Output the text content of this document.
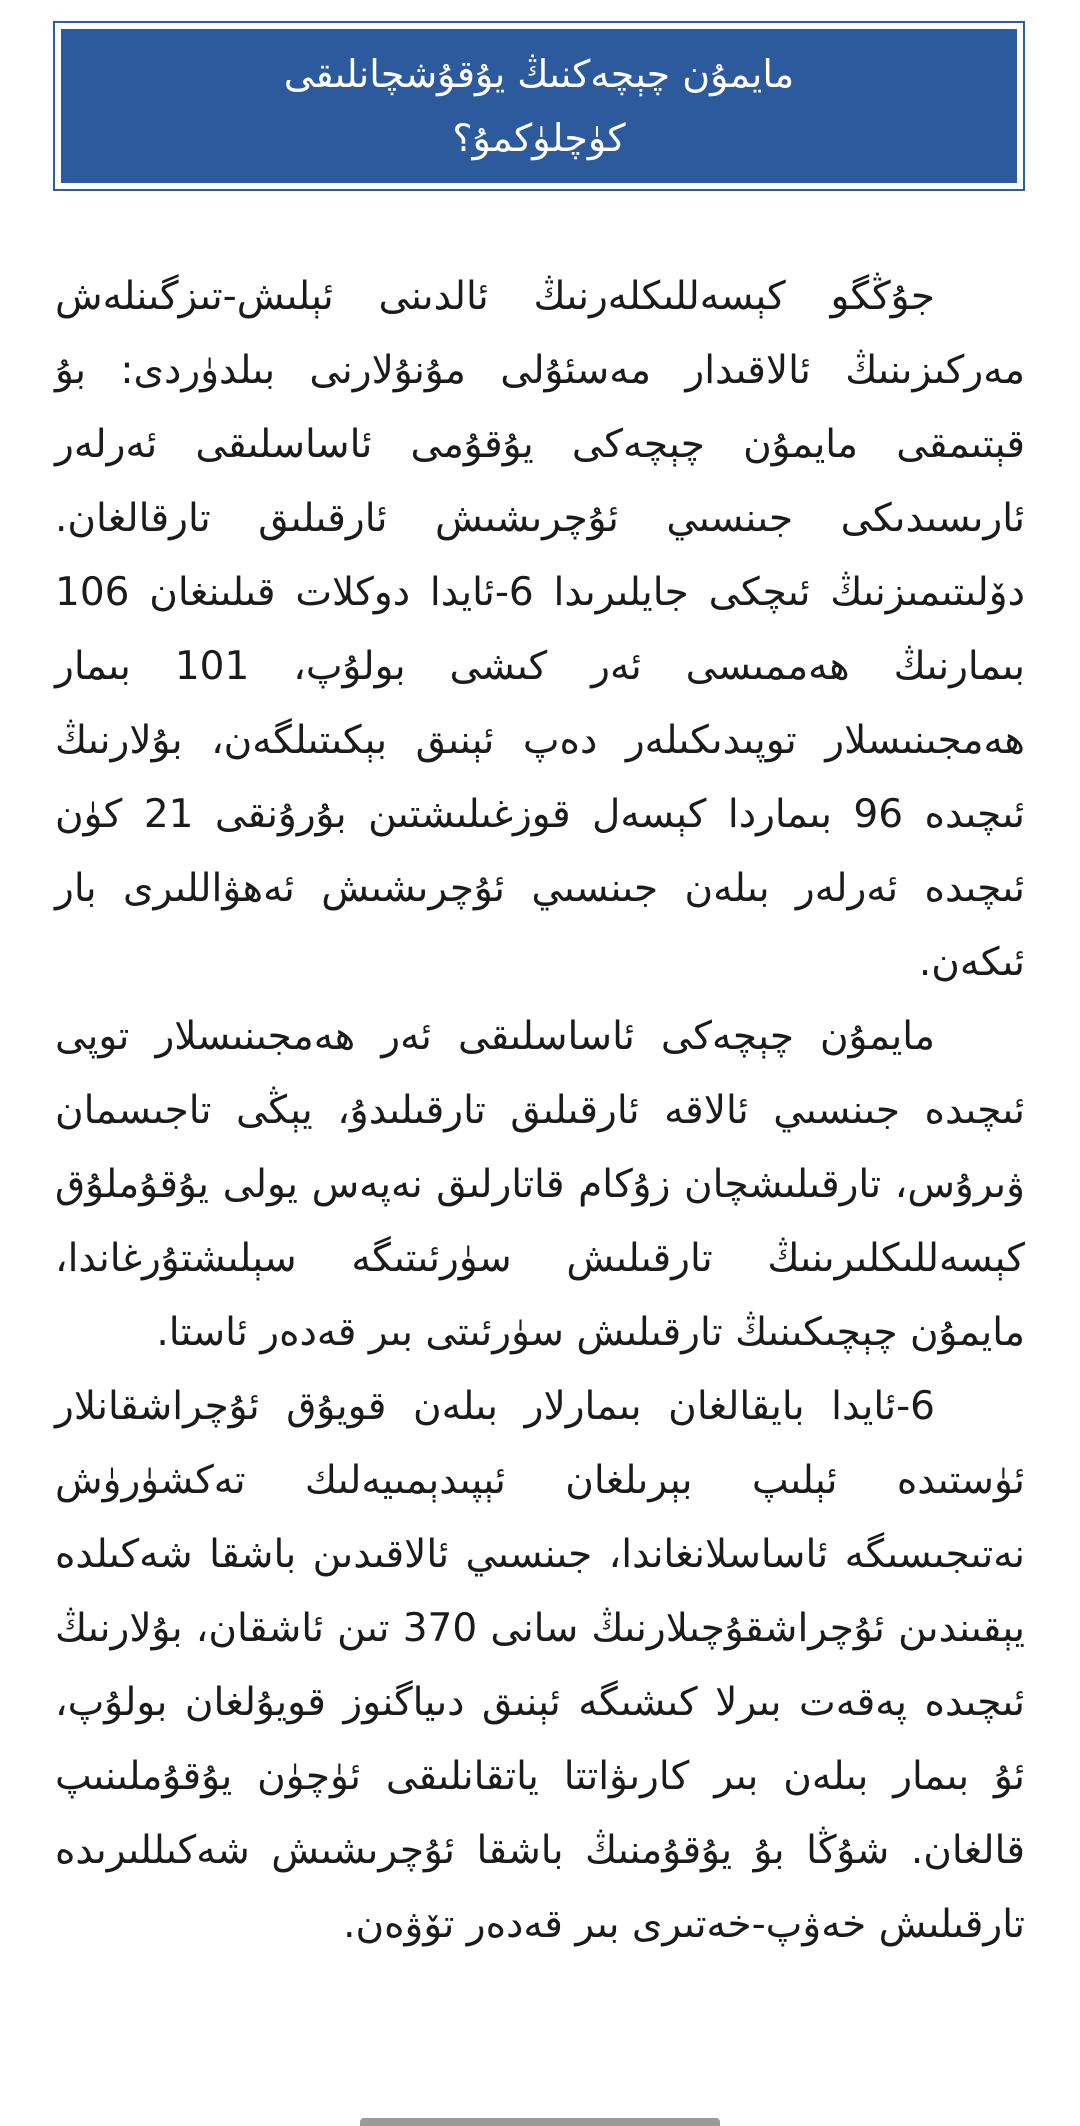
مايمۇن چېچەكنىڭ يۇقۇشچانلىقى
كۈچلۈكمۇ؟

جۇڭگو كېسەللىكلەرنىڭ ئالدىنى ئېلىش-تىزگىنلەش مەركىزىنىڭ ئالاقىدار مەسئۇلى مۇنۇلارنى بىلدۈردى: بۇ قېتىمقى مايمۇن چېچەكى يۇقۇمى ئاساسلىقى ئەرلەر ئارىسىدىكى جىنسىي ئۇچرىشىش ئارقىلىق تارقالغان. دۆلىتىمىزنىڭ ئىچكى جايلىرىدا 6-ئايدا دوكلات قىلىنغان 106 بىمارنىڭ ھەممىسى ئەر كىشى بولۇپ، 101 بىمار ھەمجىنىسلار توپىدىكىلەر دەپ ئېنىق بېكىتىلگەن، بۇلارنىڭ ئىچىدە 96 بىماردا كېسەل قوزغىلىشتىن بۇرۇنقى 21 كۈن ئىچىدە ئەرلەر بىلەن جىنسىي ئۇچرىشىش ئەھۋاللىرى بار ئىكەن.

مايمۇن چېچەكى ئاساسلىقى ئەر ھەمجىنىسلار توپى ئىچىدە جىنسىي ئالاقە ئارقىلىق تارقىلىدۇ، يېڭى تاجىسمان ۋىرۇس، تارقىلىشچان زۇكام قاتارلىق نەپەس يولى يۇقۇملۇق كېسەللىكلىرىنىڭ تارقىلىش سۈرئىتىگە سېلىشتۇرغاندا، مايمۇن چېچىكىنىڭ تارقىلىش سۈرئىتى بىر قەدەر ئاستا.

6-ئايدا بايقالغان بىمارلار بىلەن قويۇق ئۇچراشقانلار ئۈستىدە ئېلىپ بېرىلغان ئېپىدېمىيەلىك تەكشۈرۈش نەتىجىسىگە ئاساسلانغاندا، جىنسىي ئالاقىدىن باشقا شەكىلدە يېقىندىن ئۇچراشقۇچىلارنىڭ سانى 370 تىن ئاشقان، بۇلارنىڭ ئىچىدە پەقەت بىرلا كىشىگە ئېنىق دىياگنوز قويۇلغان بولۇپ، ئۇ بىمار بىلەن بىر كارىۋاتتا ياتقانلىقى ئۈچۈن يۇقۇملىنىپ قالغان. شۇڭا بۇ يۇقۇمنىڭ باشقا ئۇچرىشىش شەكىللىرىدە تارقىلىش خەۋپ-خەتىرى بىر قەدەر تۆۋەن.
